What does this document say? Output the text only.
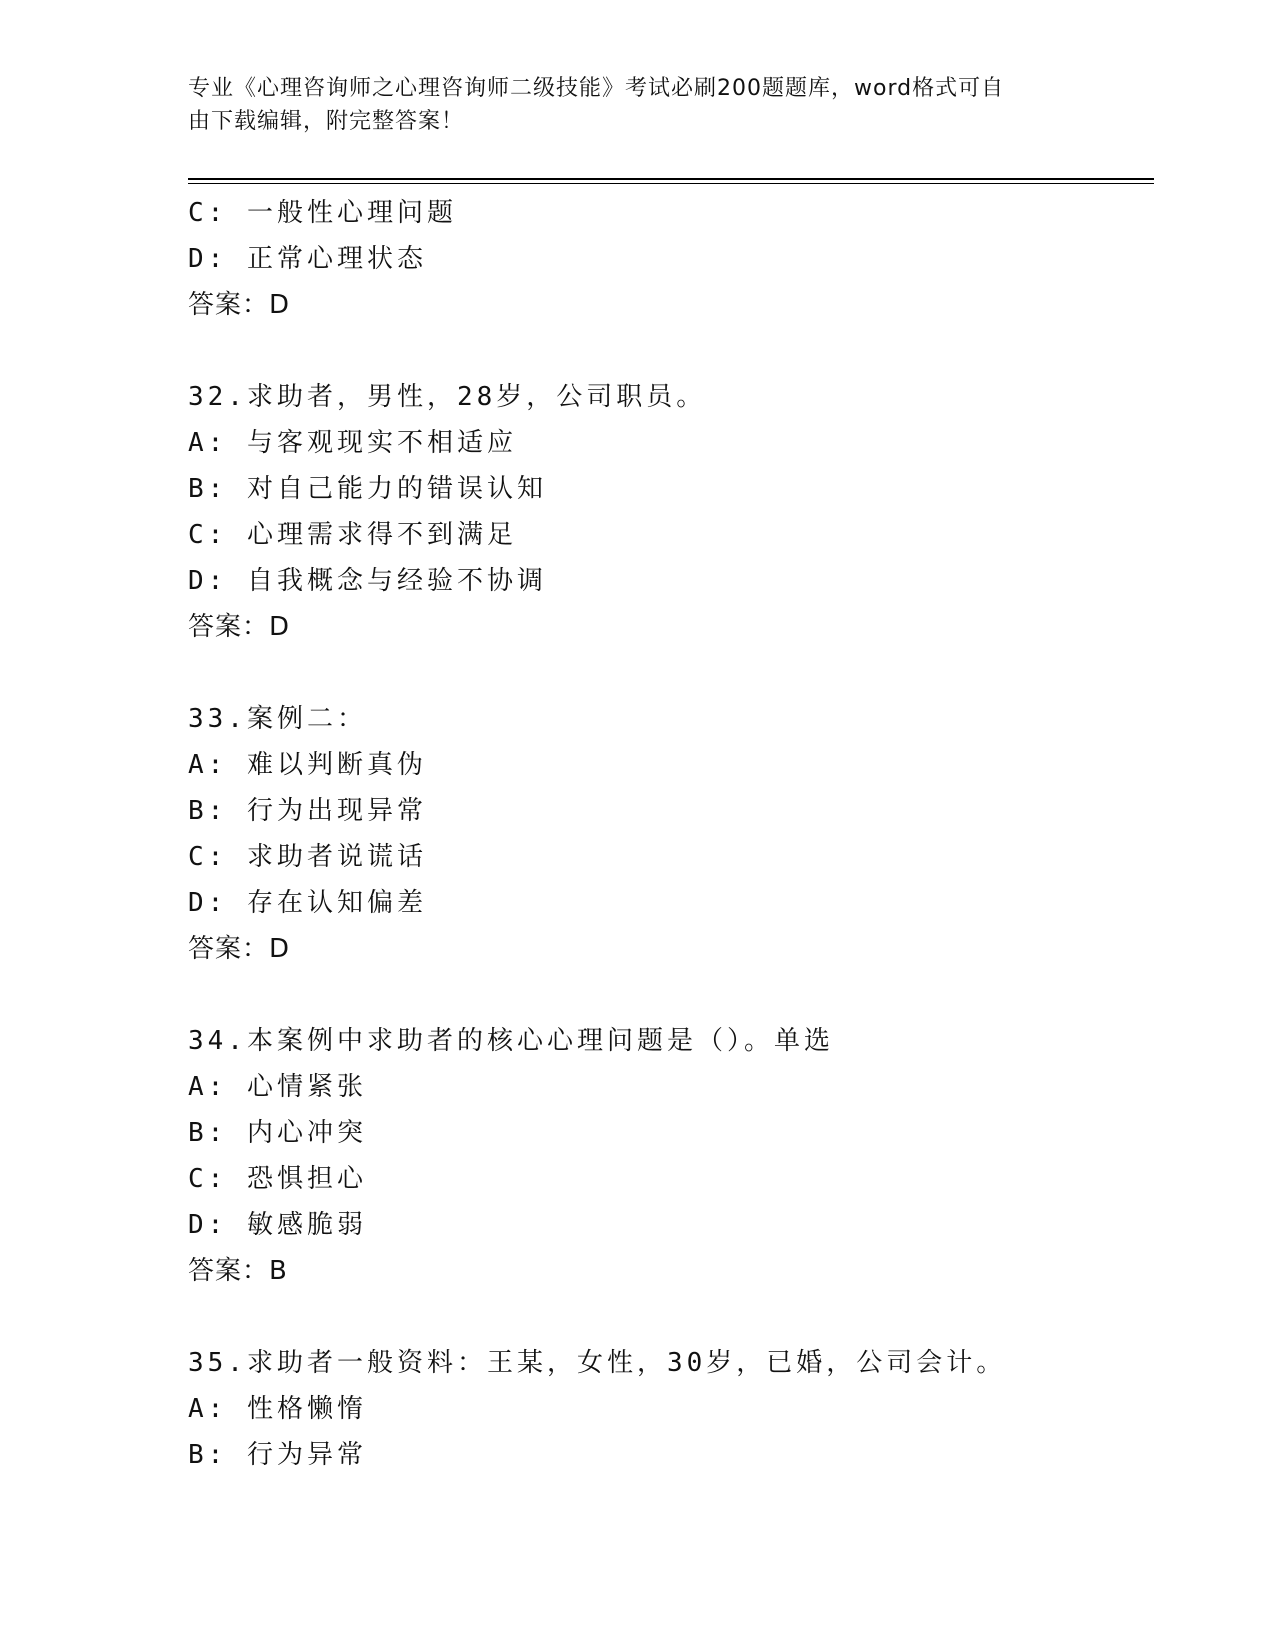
专业《心理咨询师之心理咨询师二级技能》考试必刷200题题库，word格式可自
由下载编辑，附完整答案！
C: 一般性心理问题
D: 正常心理状态
答案：D
32.求助者，男性，28岁，公司职员。
A: 与客观现实不相适应
B: 对自己能力的错误认知
C: 心理需求得不到满足
D: 自我概念与经验不协调
答案：D
33.案例二：
A: 难以判断真伪
B: 行为出现异常
C: 求助者说谎话
D: 存在认知偏差
答案：D
34.本案例中求助者的核心心理问题是（）。单选
A: 心情紧张
B: 内心冲突
C: 恐惧担心
D: 敏感脆弱
答案：B
35.求助者一般资料：王某，女性，30岁，已婚，公司会计。
A: 性格懒惰
B: 行为异常
